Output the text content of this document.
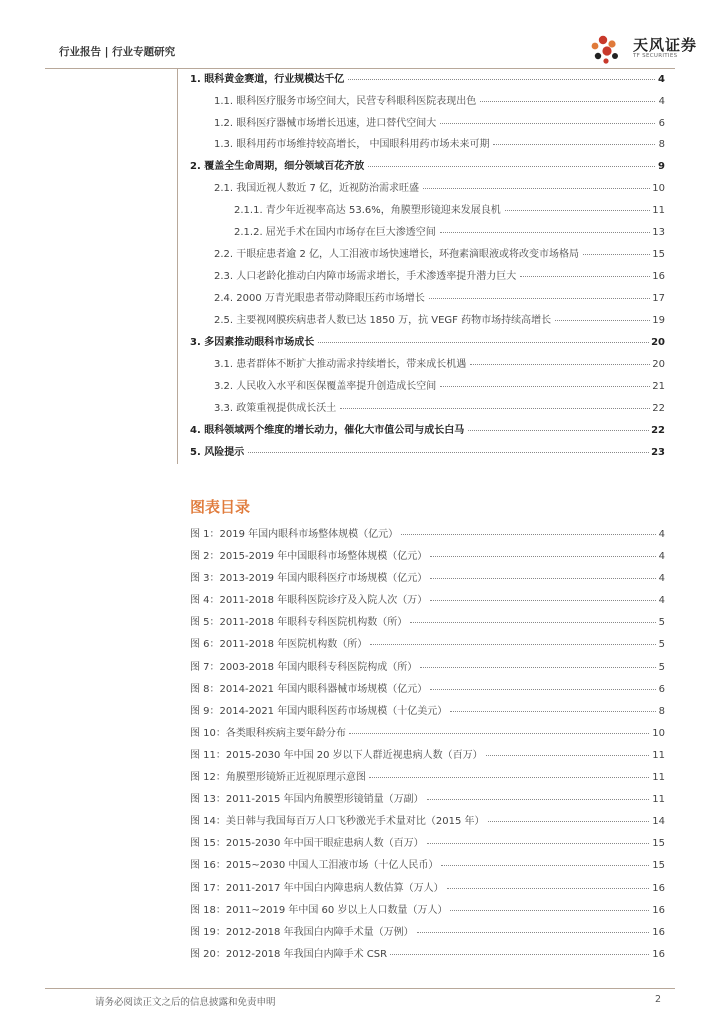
行业报告 | 行业专题研究	天风证券
TF SECURITIES
1. 眼科黄金赛道，行业规模达千亿	4
1.1. 眼科医疗服务市场空间大，民营专科眼科医院表现出色	4
1.2. 眼科医疗器械市场增长迅速，进口替代空间大	6
1.3. 眼科用药市场维持较高增长， 中国眼科用药市场未来可期	8
2. 覆盖全生命周期，细分领域百花齐放	9
2.1. 我国近视人数近 7 亿，近视防治需求旺盛	10
2.1.1. 青少年近视率高达 53.6%，角膜塑形镜迎来发展良机	11
2.1.2. 屈光手术在国内市场存在巨大渗透空间	13
2.2. 干眼症患者逾 2 亿，人工泪液市场快速增长，环孢素滴眼液或将改变市场格局	15
2.3. 人口老龄化推动白内障市场需求增长，手术渗透率提升潜力巨大	16
2.4. 2000 万青光眼患者带动降眼压药市场增长	17
2.5. 主要视网膜疾病患者人数已达 1850 万，抗 VEGF 药物市场持续高增长	19
3. 多因素推动眼科市场成长	20
3.1. 患者群体不断扩大推动需求持续增长，带来成长机遇	20
3.2. 人民收入水平和医保覆盖率提升创造成长空间	21
3.3. 政策重视提供成长沃土	22
4. 眼科领域两个维度的增长动力，催化大市值公司与成长白马	22
5. 风险提示	23
图表目录
图 1：2019 年国内眼科市场整体规模（亿元）	4
图 2：2015-2019 年中国眼科市场整体规模（亿元）	4
图 3：2013-2019 年国内眼科医疗市场规模（亿元）	4
图 4：2011-2018 年眼科医院诊疗及入院人次（万）	4
图 5：2011-2018 年眼科专科医院机构数（所）	5
图 6：2011-2018 年医院机构数（所）	5
图 7：2003-2018 年国内眼科专科医院构成（所）	5
图 8：2014-2021 年国内眼科器械市场规模（亿元）	6
图 9：2014-2021 年国内眼科医药市场规模（十亿美元）	8
图 10：各类眼科疾病主要年龄分布	10
图 11：2015-2030 年中国 20 岁以下人群近视患病人数（百万）	11
图 12：角膜塑形镜矫正近视原理示意图	11
图 13：2011-2015 年国内角膜塑形镜销量（万副）	11
图 14：美日韩与我国每百万人口飞秒激光手术量对比（2015 年）	14
图 15：2015-2030 年中国干眼症患病人数（百万）	15
图 16：2015~2030 中国人工泪液市场（十亿人民币）	15
图 17：2011-2017 年中国白内障患病人数估算（万人）	16
图 18：2011~2019 年中国 60 岁以上人口数量（万人）	16
图 19：2012-2018 年我国白内障手术量（万例）	16
图 20：2012-2018 年我国白内障手术 CSR	16
请务必阅读正文之后的信息披露和免责申明	2
